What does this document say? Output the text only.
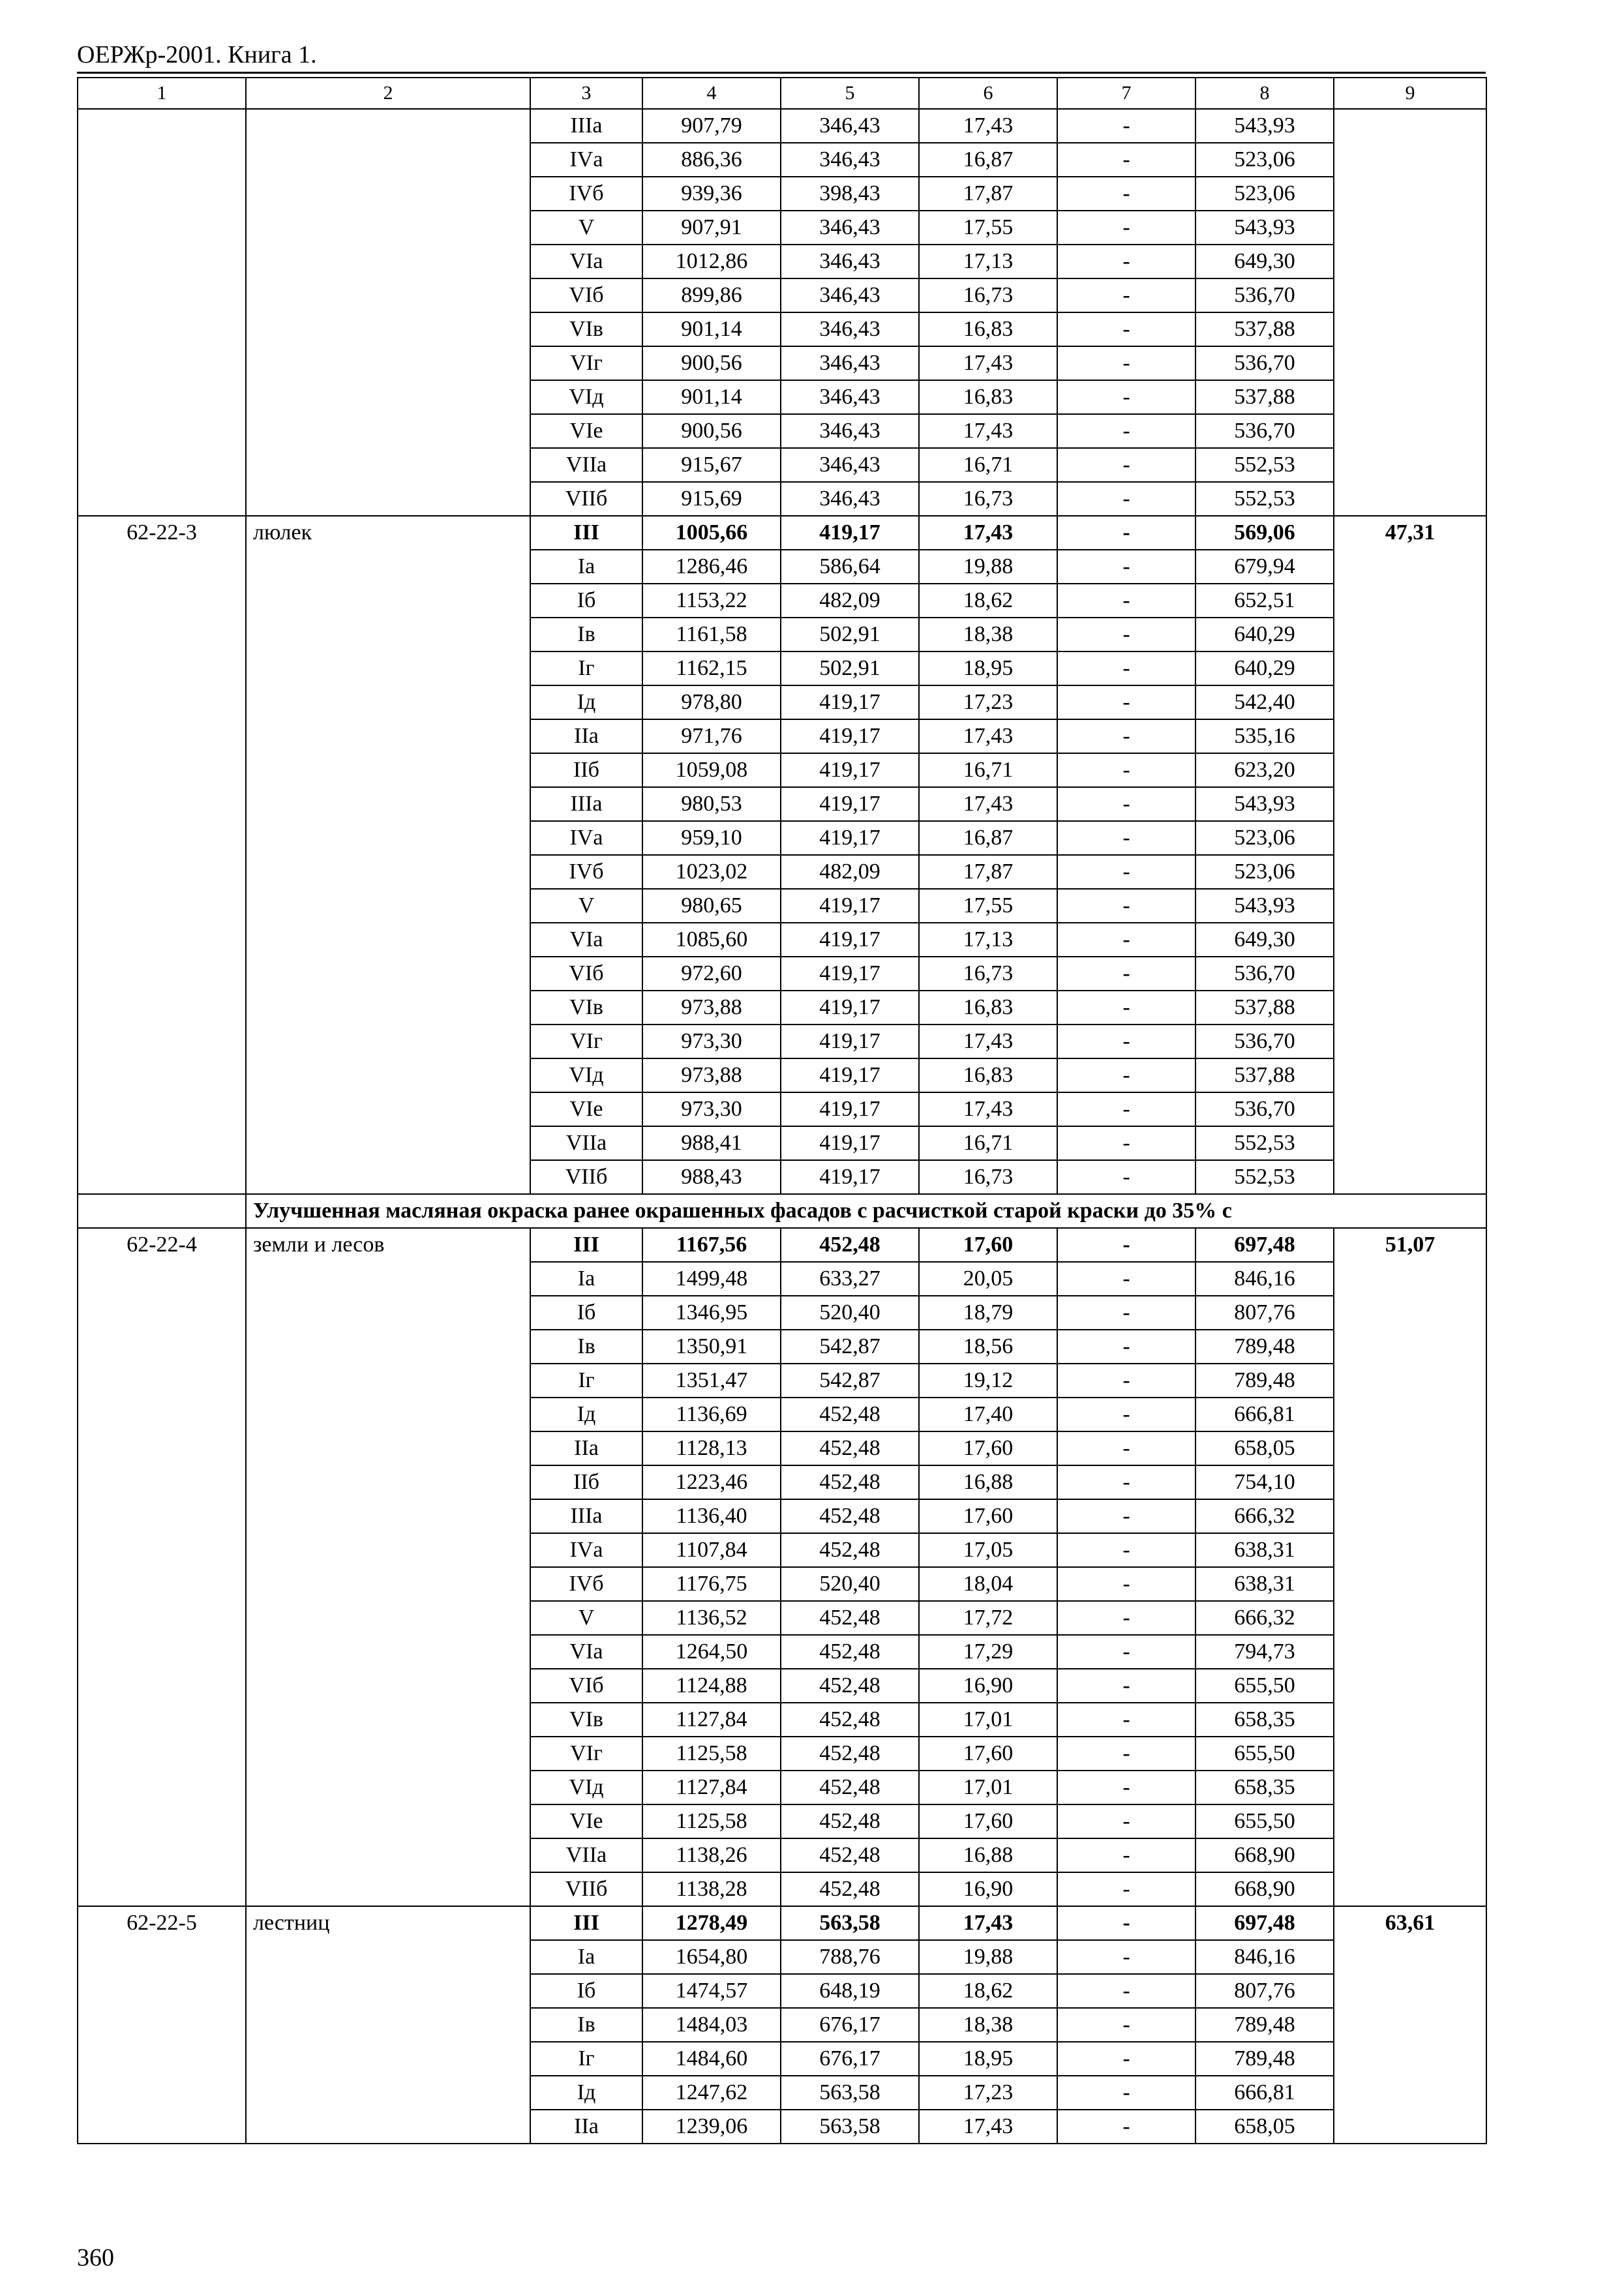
ОЕРЖр-2001. Книга 1.
1	2	3	4	5	6	7	8	9
		IIIа	907,79	346,43	17,43	-	543,93	
		IVа	886,36	346,43	16,87	-	523,06	
		IVб	939,36	398,43	17,87	-	523,06	
		V	907,91	346,43	17,55	-	543,93	
		VIа	1012,86	346,43	17,13	-	649,30	
		VIб	899,86	346,43	16,73	-	536,70	
		VIв	901,14	346,43	16,83	-	537,88	
		VIг	900,56	346,43	17,43	-	536,70	
		VIд	901,14	346,43	16,83	-	537,88	
		VIе	900,56	346,43	17,43	-	536,70	
		VIIа	915,67	346,43	16,71	-	552,53	
		VIIб	915,69	346,43	16,73	-	552,53	
62-22-3	люлек	III	1005,66	419,17	17,43	-	569,06	47,31
		Iа	1286,46	586,64	19,88	-	679,94	
		Iб	1153,22	482,09	18,62	-	652,51	
		Iв	1161,58	502,91	18,38	-	640,29	
		Iг	1162,15	502,91	18,95	-	640,29	
		Iд	978,80	419,17	17,23	-	542,40	
		IIа	971,76	419,17	17,43	-	535,16	
		IIб	1059,08	419,17	16,71	-	623,20	
		IIIа	980,53	419,17	17,43	-	543,93	
		IVа	959,10	419,17	16,87	-	523,06	
		IVб	1023,02	482,09	17,87	-	523,06	
		V	980,65	419,17	17,55	-	543,93	
		VIа	1085,60	419,17	17,13	-	649,30	
		VIб	972,60	419,17	16,73	-	536,70	
		VIв	973,88	419,17	16,83	-	537,88	
		VIг	973,30	419,17	17,43	-	536,70	
		VIд	973,88	419,17	16,83	-	537,88	
		VIе	973,30	419,17	17,43	-	536,70	
		VIIа	988,41	419,17	16,71	-	552,53	
		VIIб	988,43	419,17	16,73	-	552,53	
	Улучшенная масляная окраска ранее окрашенных фасадов с расчисткой старой краски до 35% с							
62-22-4	земли и лесов	III	1167,56	452,48	17,60	-	697,48	51,07
		Iа	1499,48	633,27	20,05	-	846,16	
		Iб	1346,95	520,40	18,79	-	807,76	
		Iв	1350,91	542,87	18,56	-	789,48	
		Iг	1351,47	542,87	19,12	-	789,48	
		Iд	1136,69	452,48	17,40	-	666,81	
		IIа	1128,13	452,48	17,60	-	658,05	
		IIб	1223,46	452,48	16,88	-	754,10	
		IIIа	1136,40	452,48	17,60	-	666,32	
		IVа	1107,84	452,48	17,05	-	638,31	
		IVб	1176,75	520,40	18,04	-	638,31	
		V	1136,52	452,48	17,72	-	666,32	
		VIа	1264,50	452,48	17,29	-	794,73	
		VIб	1124,88	452,48	16,90	-	655,50	
		VIв	1127,84	452,48	17,01	-	658,35	
		VIг	1125,58	452,48	17,60	-	655,50	
		VIд	1127,84	452,48	17,01	-	658,35	
		VIе	1125,58	452,48	17,60	-	655,50	
		VIIа	1138,26	452,48	16,88	-	668,90	
		VIIб	1138,28	452,48	16,90	-	668,90	
62-22-5	лестниц	III	1278,49	563,58	17,43	-	697,48	63,61
		Iа	1654,80	788,76	19,88	-	846,16	
		Iб	1474,57	648,19	18,62	-	807,76	
		Iв	1484,03	676,17	18,38	-	789,48	
		Iг	1484,60	676,17	18,95	-	789,48	
		Iд	1247,62	563,58	17,23	-	666,81	
		IIа	1239,06	563,58	17,43	-	658,05	
360
